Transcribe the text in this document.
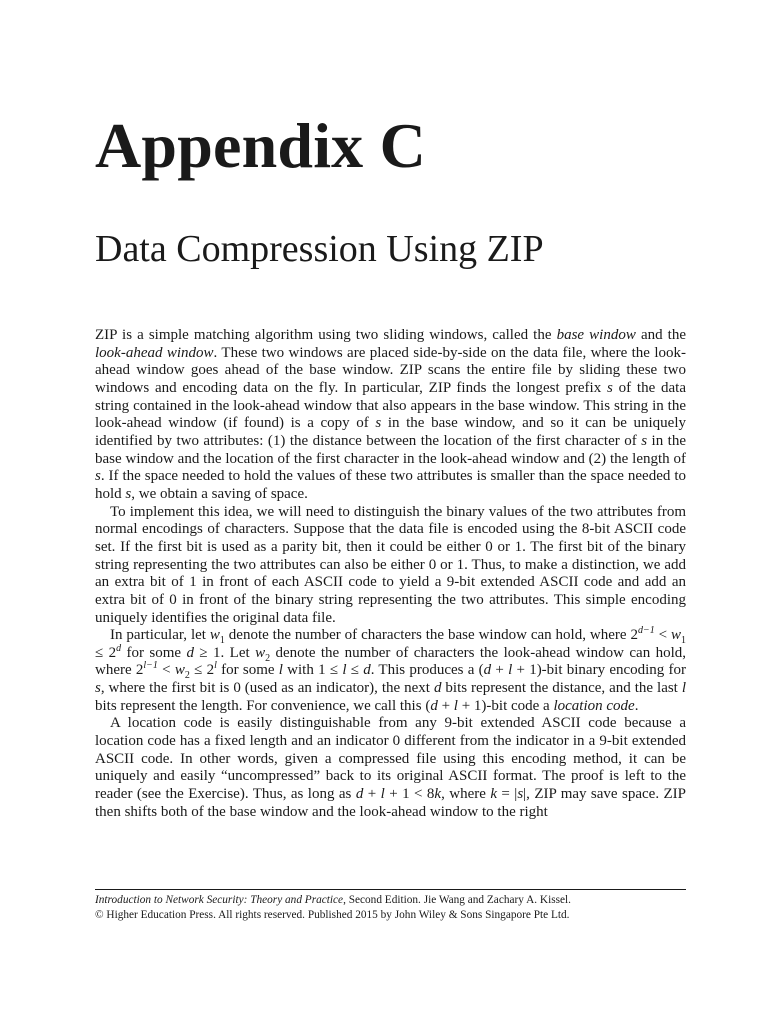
Appendix C
Data Compression Using ZIP

ZIP is a simple matching algorithm using two sliding windows, called the base window and the look-ahead window. These two windows are placed side-by-side on the data file, where the look-ahead window goes ahead of the base window. ZIP scans the entire file by sliding these two windows and encoding data on the fly. In particular, ZIP finds the longest prefix s of the data string contained in the look-ahead window that also appears in the base window. This string in the look-ahead window (if found) is a copy of s in the base window, and so it can be uniquely identified by two attributes: (1) the distance between the location of the first character of s in the base window and the location of the first character in the look-ahead window and (2) the length of s. If the space needed to hold the values of these two attributes is smaller than the space needed to hold s, we obtain a saving of space.

To implement this idea, we will need to distinguish the binary values of the two attributes from normal encodings of characters. Suppose that the data file is encoded using the 8-bit ASCII code set. If the first bit is used as a parity bit, then it could be either 0 or 1. The first bit of the binary string representing the two attributes can also be either 0 or 1. Thus, to make a distinction, we add an extra bit of 1 in front of each ASCII code to yield a 9-bit extended ASCII code and add an extra bit of 0 in front of the binary string representing the two attributes. This simple encoding uniquely identifies the original data file.

In particular, let $w_1$ denote the number of characters the base window can hold, where $2^{d-1} < w_1 \le 2^d$ for some d ≥ 1. Let $w_2$ denote the number of characters the look-ahead window can hold, where $2^{l-1} < w_2 \le 2^l$ for some l with 1 ≤ l ≤ d. This produces a (d + l + 1)-bit binary encoding for s, where the first bit is 0 (used as an indicator), the next d bits represent the distance, and the last l bits represent the length. For convenience, we call this (d + l + 1)-bit code a location code.

A location code is easily distinguishable from any 9-bit extended ASCII code because a location code has a fixed length and an indicator 0 different from the indicator in a 9-bit extended ASCII code. In other words, given a compressed file using this encoding method, it can be uniquely and easily “uncompressed” back to its original ASCII format. The proof is left to the reader (see the Exercise). Thus, as long as d + l + 1 < 8k, where k = |s|, ZIP may save space. ZIP then shifts both of the base window and the look-ahead window to the right

Introduction to Network Security: Theory and Practice, Second Edition. Jie Wang and Zachary A. Kissel.
© Higher Education Press. All rights reserved. Published 2015 by John Wiley & Sons Singapore Pte Ltd.
